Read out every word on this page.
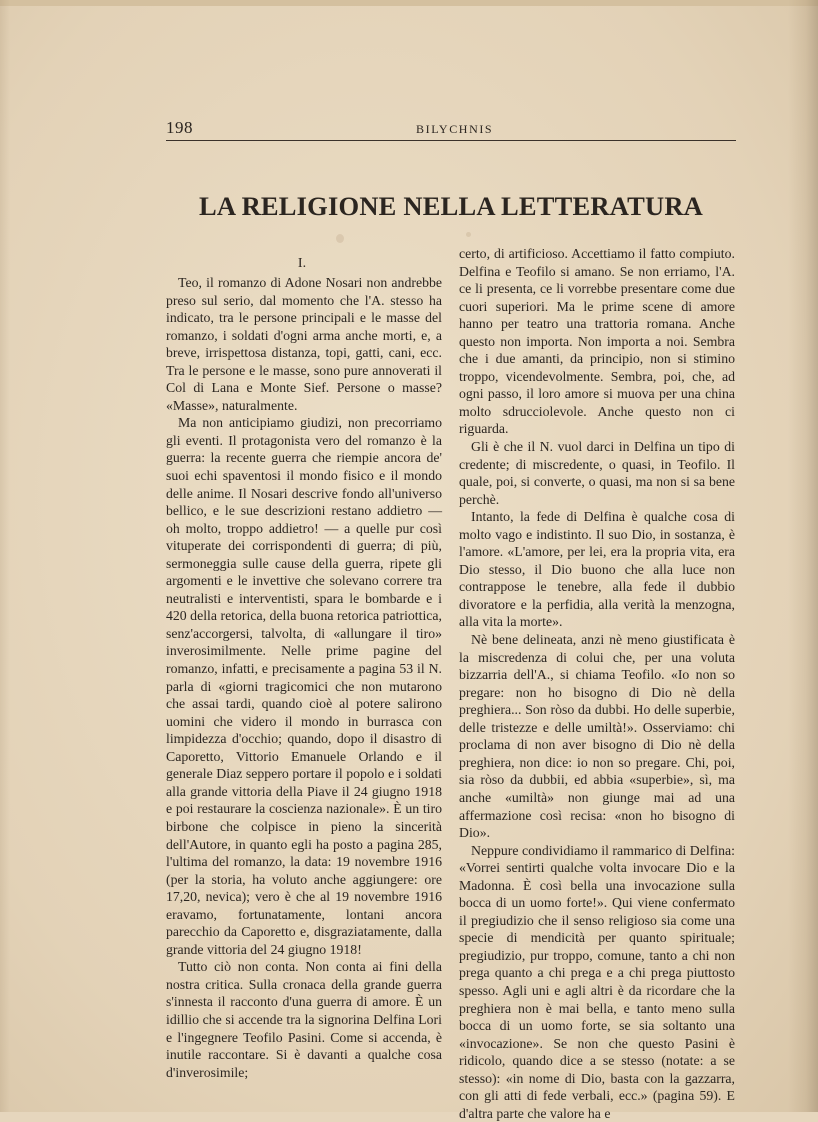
198	BILYCHNIS
LA RELIGIONE NELLA LETTERATURA
I.

Teo, il romanzo di Adone Nosari non andrebbe preso sul serio, dal momento che l'A. stesso ha indicato, tra le persone principali e le masse del romanzo, i soldati d'ogni arma anche morti, e, a breve, irrispettosa distanza, topi, gatti, cani, ecc. Tra le persone e le masse, sono pure annoverati il Col di Lana e Monte Sief. Persone o masse? «Masse», naturalmente.

Ma non anticipiamo giudizi, non precorriamo gli eventi. Il protagonista vero del romanzo è la guerra: la recente guerra che riempie ancora de' suoi echi spaventosi il mondo fisico e il mondo delle anime. Il Nosari descrive fondo all'universo bellico, e le sue descrizioni restano addietro — oh molto, troppo addietro! — a quelle pur così vituperate dei corrispondenti di guerra; di più, sermoneggia sulle cause della guerra, ripete gli argomenti e le invettive che solevano correre tra neutralisti e interventisti, spara le bombarde e i 420 della retorica, della buona retorica patriottica, senz'accorgersi, talvolta, di «allungare il tiro» inverosimilmente. Nelle prime pagine del romanzo, infatti, e precisamente a pagina 53 il N. parla di «giorni tragicomici che non mutarono che assai tardi, quando cioè al potere salirono uomini che videro il mondo in burrasca con limpidezza d'occhio; quando, dopo il disastro di Caporetto, Vittorio Emanuele Orlando e il generale Diaz seppero portare il popolo e i soldati alla grande vittoria della Piave il 24 giugno 1918 e poi restaurare la coscienza nazionale». È un tiro birbone che colpisce in pieno la sincerità dell'Autore, in quanto egli ha posto a pagina 285, l'ultima del romanzo, la data: 19 novembre 1916 (per la storia, ha voluto anche aggiungere: ore 17,20, nevica); vero è che al 19 novembre 1916 eravamo, fortunatamente, lontani ancora parecchio da Caporetto e, disgraziatamente, dalla grande vittoria del 24 giugno 1918!

Tutto ciò non conta. Non conta ai fini della nostra critica. Sulla cronaca della grande guerra s'innesta il racconto d'una guerra di amore. È un idillio che si accende tra la signorina Delfina Lori e l'ingegnere Teofilo Pasini. Come si accenda, è inutile raccontare. Si è davanti a qualche cosa d'inverosimile;

certo, di artificioso. Accettiamo il fatto compiuto. Delfina e Teofilo si amano. Se non erriamo, l'A. ce li presenta, ce li vorrebbe presentare come due cuori superiori. Ma le prime scene di amore hanno per teatro una trattoria romana. Anche questo non importa. Non importa a noi. Sembra che i due amanti, da principio, non si stimino troppo, vicendevolmente. Sembra, poi, che, ad ogni passo, il loro amore si muova per una china molto sdrucciolevole. Anche questo non ci riguarda.

Gli è che il N. vuol darci in Delfina un tipo di credente; di miscredente, o quasi, in Teofilo. Il quale, poi, si converte, o quasi, ma non si sa bene perchè.

Intanto, la fede di Delfina è qualche cosa di molto vago e indistinto. Il suo Dio, in sostanza, è l'amore. «L'amore, per lei, era la propria vita, era Dio stesso, il Dio buono che alla luce non contrappose le tenebre, alla fede il dubbio divoratore e la perfidia, alla verità la menzogna, alla vita la morte».

Nè bene delineata, anzi nè meno giustificata è la miscredenza di colui che, per una voluta bizzarria dell'A., si chiama Teofilo. «Io non so pregare: non ho bisogno di Dio nè della preghiera... Son ròso da dubbi. Ho delle superbie, delle tristezze e delle umiltà!». Osserviamo: chi proclama di non aver bisogno di Dio nè della preghiera, non dice: io non so pregare. Chi, poi, sia ròso da dubbii, ed abbia «superbie», sì, ma anche «umiltà» non giunge mai ad una affermazione così recisa: «non ho bisogno di Dio».

Neppure condividiamo il rammarico di Delfina: «Vorrei sentirti qualche volta invocare Dio e la Madonna. È così bella una invocazione sulla bocca di un uomo forte!». Qui viene confermato il pregiudizio che il senso religioso sia come una specie di mendicità per quanto spirituale; pregiudizio, pur troppo, comune, tanto a chi non prega quanto a chi prega e a chi prega piuttosto spesso. Agli uni e agli altri è da ricordare che la preghiera non è mai bella, e tanto meno sulla bocca di un uomo forte, se sia soltanto una «invocazione». Se non che questo Pasini è ridicolo, quando dice a se stesso (notate: a se stesso): «in nome di Dio, basta con la gazzarra, con gli atti di fede verbali, ecc.» (pagina 59). E d'altra parte che valore ha e
